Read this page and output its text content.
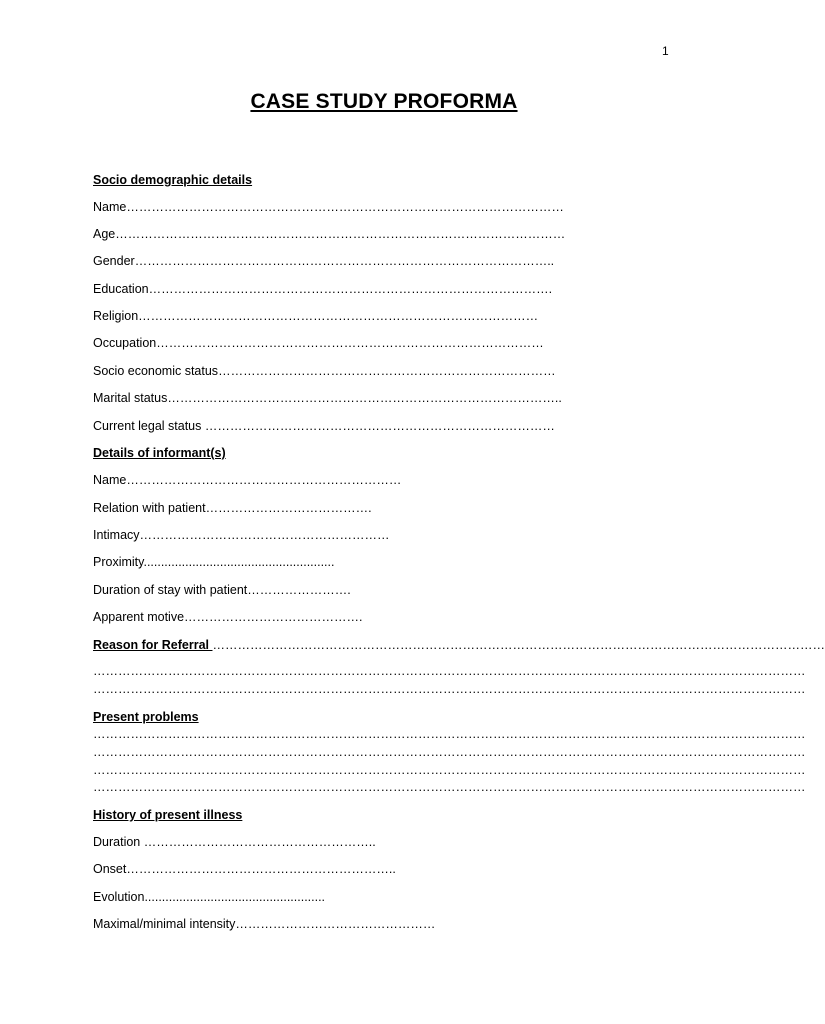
1
CASE STUDY PROFORMA
Socio demographic details
Name……………………………………………………………………………………………
Age………………………………………………………………………………………………
Gender………………………………………………………………………………………..
Education…………………………………………………………………………………….
Religion……………………………………………………………………………………
Occupation…………………………………………………………………………………
Socio economic status………………………………………………………………………
Marital status…………………………………………………………………………………..
Current legal status …………………………………………………………………………
Details of informant(s)
Name…………………………………………………………
Relation with patient………………………………….
Intimacy……………………………………………………
Proximity.......................................................
Duration of stay with patient…………………….
Apparent motive…………………………………….
Reason for Referral …………………………………………………………………………………………………………………………………
………………………………………………………………………………………………………………………………………………………
………………………………………………………………………………………………………………………………………………………
Present problems
………………………………………………………………………………………………………………………………………………………
………………………………………………………………………………………………………………………………………………………
………………………………………………………………………………………………………………………………………………………
………………………………………………………………………………………………………………………………………………………
History of present illness
Duration ………………………………………………..
Onset………………………………………………………..
Evolution....................................................
Maximal/minimal intensity…………………………………………
